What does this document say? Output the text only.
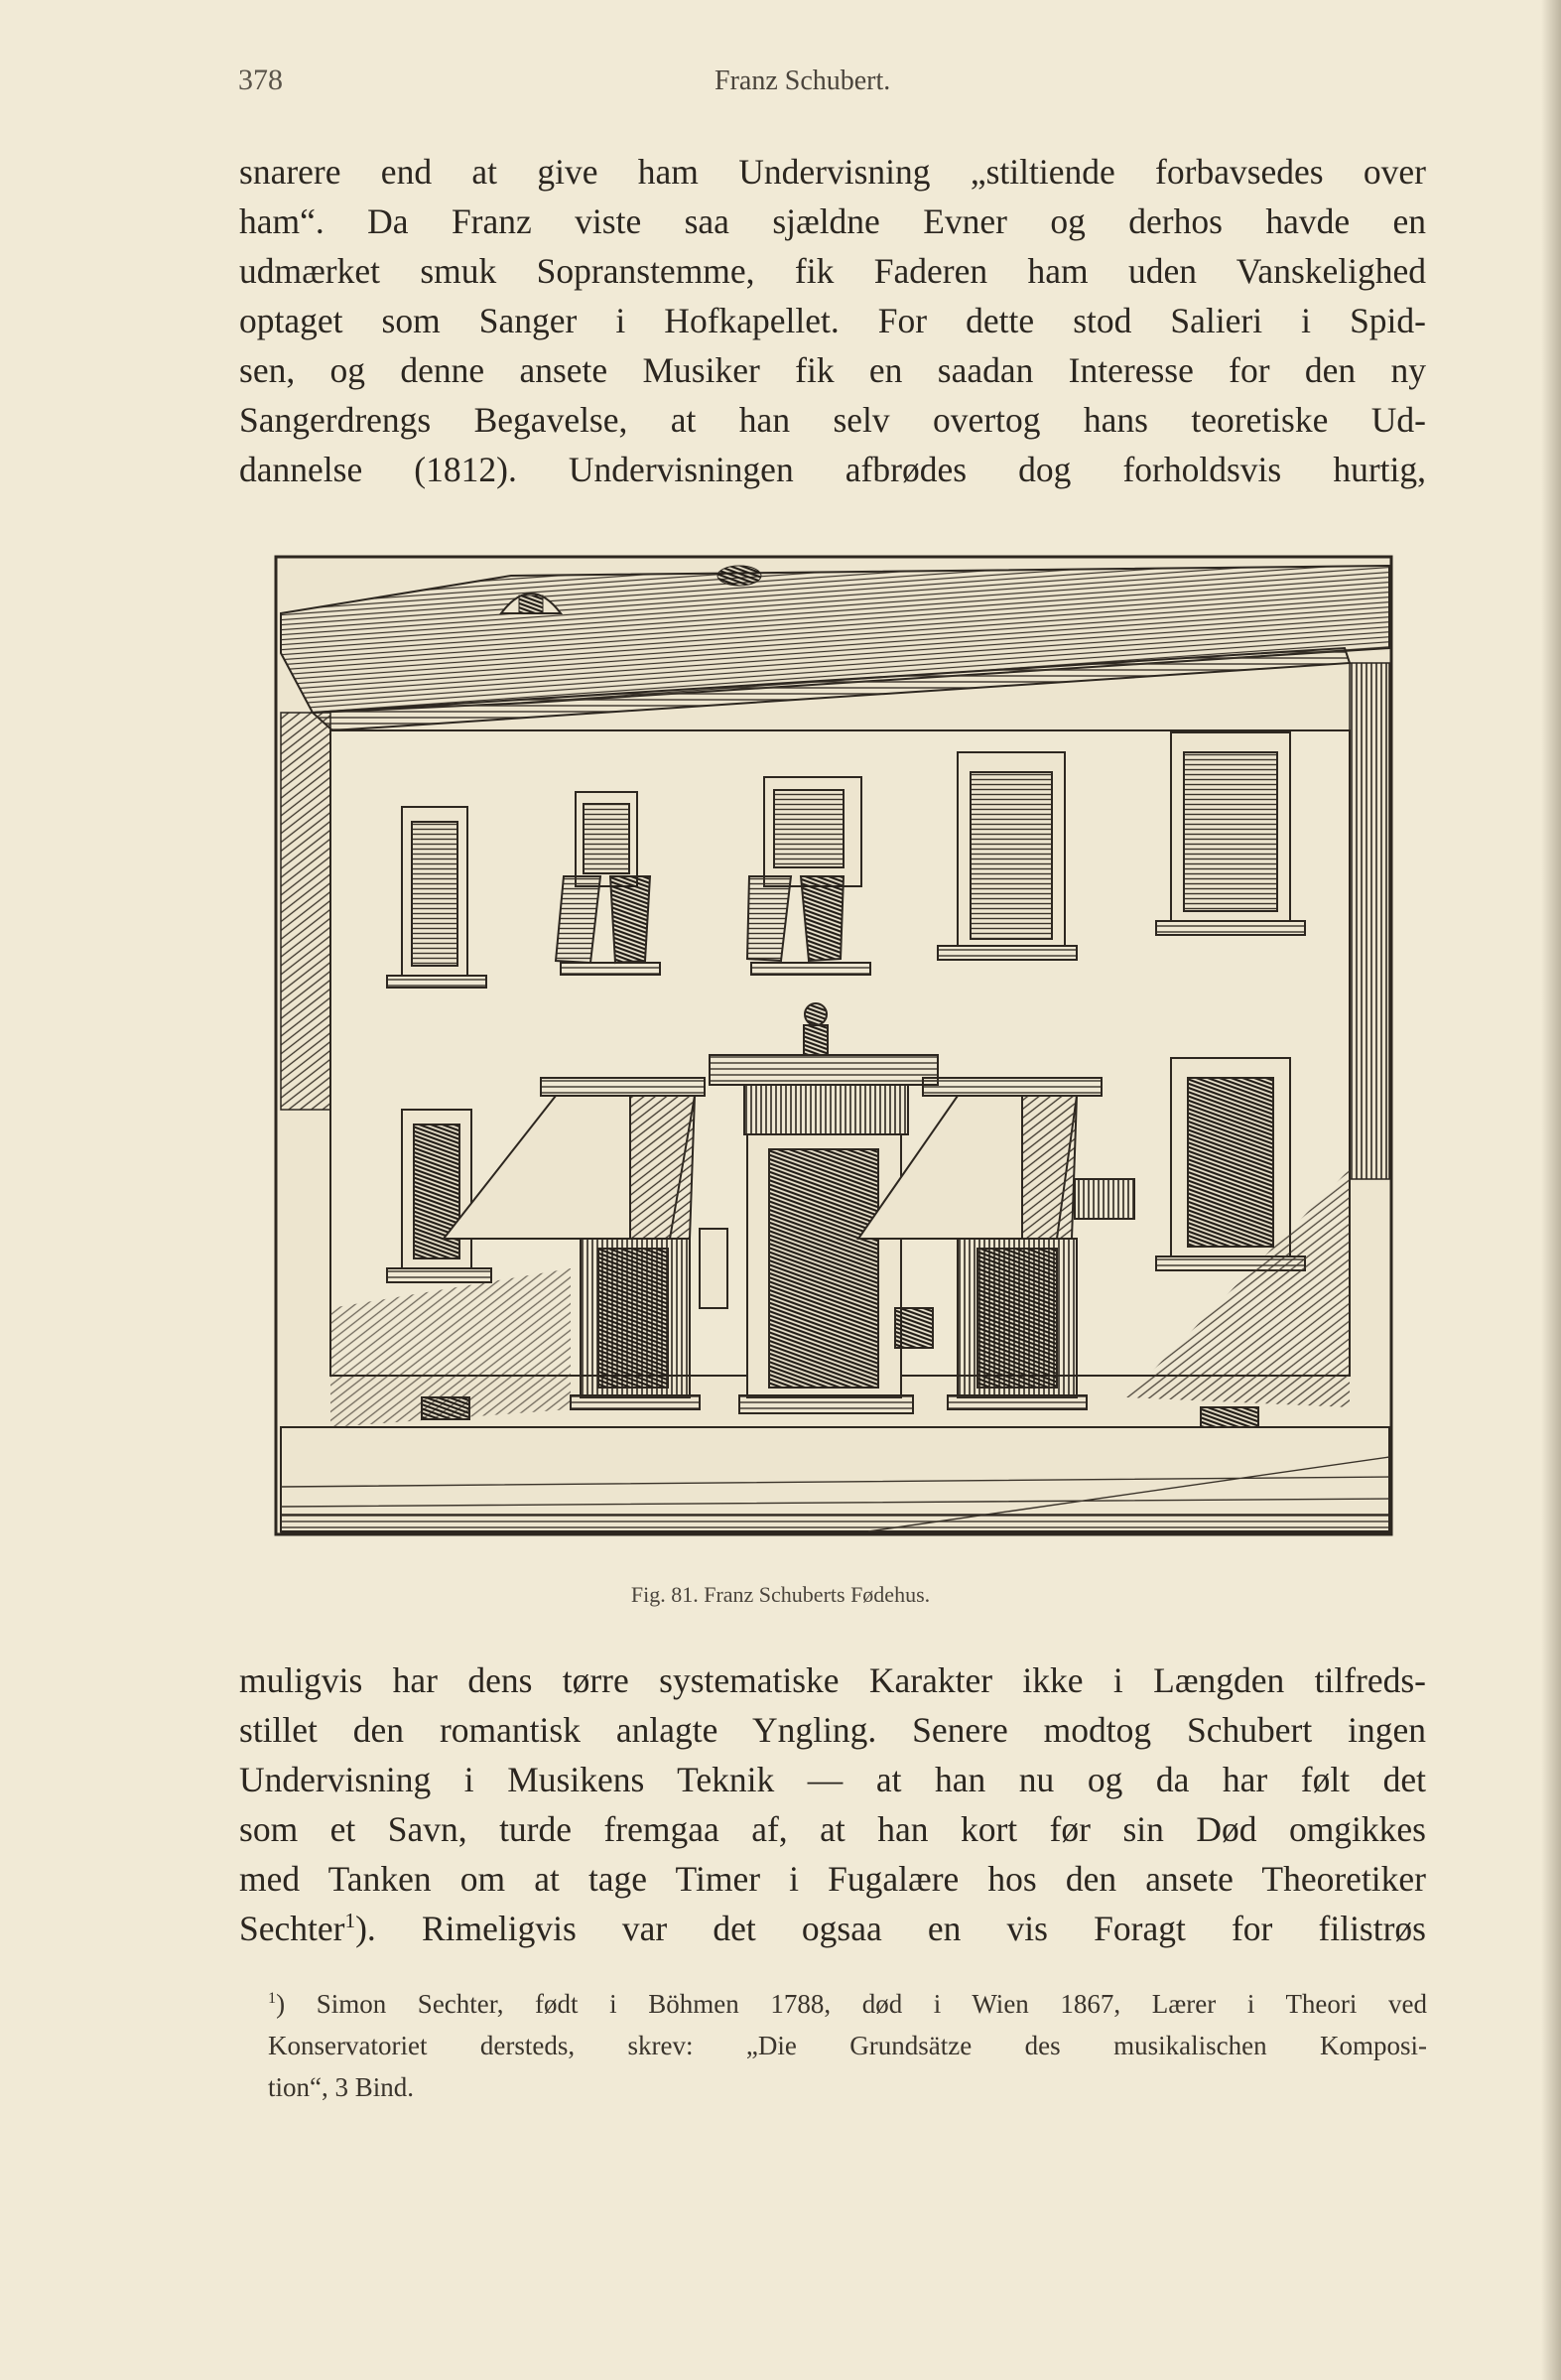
378	Franz Schubert.
snarere end at give ham Undervisning „stiltiende forbavsedes over
ham“. Da Franz viste saa sjældne Evner og derhos havde en
udmærket smuk Sopranstemme, fik Faderen ham uden Vanskelighed
optaget som Sanger i Hofkapellet. For dette stod Salieri i Spid-
sen, og denne ansete Musiker fik en saadan Interesse for den ny
Sangerdrengs Begavelse, at han selv overtog hans teoretiske Ud-
dannelse (1812). Undervisningen afbrødes dog forholdsvis hurtig,
Fig. 81. Franz Schuberts Fødehus.
muligvis har dens tørre systematiske Karakter ikke i Længden tilfreds-
stillet den romantisk anlagte Yngling. Senere modtog Schubert ingen
Undervisning i Musikens Teknik — at han nu og da har følt det
som et Savn, turde fremgaa af, at han kort før sin Død omgikkes
med Tanken om at tage Timer i Fugalære hos den ansete Theoretiker
Sechter$^1$). Rimeligvis var det ogsaa en vis Foragt for filistrøs
$^1$) Simon Sechter, født i Böhmen 1788, død i Wien 1867, Lærer i Theori ved
Konservatoriet dersteds, skrev: „Die Grundsätze des musikalischen Komposi-
tion“, 3 Bind.
